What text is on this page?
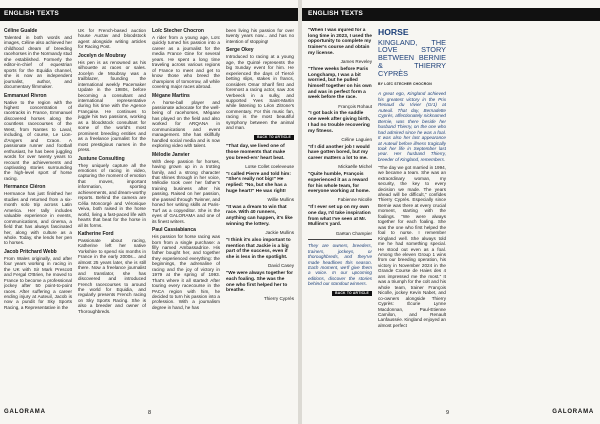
ENGLISH TEXTS
Céline Gualde

Talented in both words and images, Céline also achieved her childhood dream of breeding racehorses in the Normandy stud she established. Formerly the editor-in-chief of equestrian sports for the Equidia channel, she is now an independent journalist, author, and documentary filmmaker.

Emmanuel Rivron

Native to the region with the highest concentration of racetracks in France, Emmanuel discovered horses along the countless racecourses of the West, from Nantes to Laval, including, of course, Le Lion-d'Angers and Craon. A passionate runner and football enthusiast, he has been juggling words for over twenty years to recount the achievements and captivating stories surrounding the high-level sport of horse racing.

Hermance Cléron

Hermance has just finished her studies and returned from a six-month solo trip across Latin America. Her tally includes valuable experience in events, communications, and cinema, a field that has always fascinated her, along with culture as a whole. Today, she lends her pen to horses.

Jacob Pritchard Webb

From Wales originally, and after four years working in racing in the UK with Sir Mark Prescott and Fergal O'Brien, he moved to France to become a professional jockey after 50 point-to-point races. After suffering a career ending injury at Auteuil, Jacob is now a pundit for Sky Sports Racing, a Representative in the

UK for French-based auction house Auctav and bloodstock agent alongside writing articles for Racing Post.

Jocelyn de Moubray

His pen is as renowned as his silhouette at races or sales. Jocelyn de Moubray was a trailblazer, founding the international weekly Pacemaker Update in the 1980s, before becoming a consultant and international representative during his time with the Agence Française. He continues to juggle his two passions, working as a bloodstock consultant for some of the world's most prominent breeding entities and as a freelance journalist for the most prestigious names in the press.

Justune Consulting

They uniquely capture all the emotions of racing in video, capturing the moment of emotion that moves, important information, sporting achievements, and dream-worthy reports. Behind the camera are Célia Moncorgé and Véronique Veiva, both raised in the horse world, living a fast-paced life with hearts that beat for the horse in all its forms.

Katherine Ford

Passionate about racing, Katherine left her native Yorkshire to spend six months in France in the early 2000s... and almost 25 years later, she is still there. Now a freelance journalist and translator, she has discovered and introduced French racecourses to around the world for Equidia, and regularly presents French racing on Sky Sports Racing. She is also a breeder and owner of Thoroughbreds.

Loïc Stecher Chocron

A rider from a young age, Loïc quickly turned his passion into a career as a journalist for the media France Gine for several years. He spent a long time traveling across various regions of France to meet and get to know those who breed the champions of tomorrow, all while covering major races abroad.

Mégane Martins

A horse-ball player and passionate advocate for the well-being of racehorses, Mégane has played on the field and also worked for ARQANA in communications and event management. She has skillfully handled social media and is now exploring video with talent.

Mélodie Janvier

With deep passion for horses, having grown up in a trotting family, and a strong character that shines through in her voice, Mélodie took over her father's training business after his passing. Raised on her passion, she passed through Twinner, and honed her writing skills at Paris-Turf as a copyeditor. She is the eyes of GALORAMA and one of its finest writers.

Paul Cassiabianca

His passion for horse racing was born from a single purchase: a filly named Ambassadrice. His father bought her, and together they experienced everything: the beginnings, the adrenaline of racing and the joy of victory in 1979 at the spring of 1993. That's where it all started! After touring every racecourse in the PACA region with him, he decided to turn his passion into a profession. With a journalism degree in hand, he has

been living his passion for over twenty years now... and has no intention of stopping!

Serge Okey

Introduced to racing at a young age, the Quinté represents the big Sunday event for him. He experienced the days of Tiercé betting slips, stakes in francs, considers Omar Sharif first and foremost a racing actor, saw Jos Verbeeck in a sulky, and supported Yves Saint-Martin while listening to Léon Zitrone's commentary. For this music fan, racing is the most beautiful symphony between the animal and man.

BACK TO ARTICLE

"That day, we lived one of those moments that make you breed-ers' heart beat.

Loïse Collet coeleveuse

"I called Pierre and told him: "She's really not big!" He replied: "No, but she has a huge heart!" He was right!

Willie Mullins

"It was a dream to win that race. With 40 runners, anything can happen, it's like winning the lottery.

Jackie Mullins

"I think it's also important to mention that Jackie is a big part of the success, even if she is less in the spotlight.

David Casey

"We were always together for each foaling. She was the one who first helped her to breathe.

Thierry Cyprès

GALORAMA	8
ENGLISH TEXTS

"When I was injured for a long time in 2023, I used the opportunity to complete my trainer's course and obtain my license.

James Reveley

"Three weeks before Paris Longchamp, I was a bit worried, but he pulled himself together on his own and was in perfect form a week before the race.

François Rohaut

"I got back in the saddle one week after giving birth, I had no trouble recovering my fitness.

Céline Laguien

"If I did another job I would have gotten bored, but my career matters a lot to me.

Mickaëlle Michel

"Quite humble, François experienced it as a reward for his whole team, for everyone working at home.

Fabienne Nicolle

"If I ever set up on my own one day, I'd take inspiration from what I've seen at Mr. Mullins's yard.

Gaëtan Champier

They are owners, breeders, trainers, jockeys, or thoroughbreds, and they've made headlines this season. Each moment, we'll give them a voice. In our upcoming editions, discover the stories behind our standout winners.

BACK TO ARTICLE
HORSE
KINGLAND, THE LOVE STORY BETWEEN BERNIE & THIERRY CYPRÈS
BY LOÏC STECHER CHOCRON

A great ego, Kingland achieved his greatest victory in the Prix Renaud du Vivier (Gr1) at Auteuil. That day, Bernadette Cyprès, affectionately nicknamed Bernie, was there beside her husband Thierry, on the one who had admired since he was a foal. It was also her last appearance at Auteuil before illness tragically took her life in September last year. Her husband Thierry, breeder of Kingland, remembers.

"The day we got married in 1994, we became a team. She was an extraordinary woman, my security, the key to every decision we made. The years ahead will be difficult," confides Thierry Cyprès. Especially since Bernie was there at every crucial moment, starting with the foalings. "We were always together for each foaling. She was the one who first helped the foal to nurse. I remember Kingland well. She always told me he had something special. He stood out even as a foal. Among the eleven Group 1 wins from our breeding operation, his victory in November 2024 in the Grande Course de Haies des 4 ans impressed me the most." It was a triumph for the colt and his whole team, trainer François Nicolle, jockey Kevin Nabet, and co-owners alongside Thierry Cyprès: Écurie Lynne Macdonnan, Paul-Etienne Camilon, and Renault Lanfaussée. Kingland enjoyed an almost perfect

9	GALORAMA
